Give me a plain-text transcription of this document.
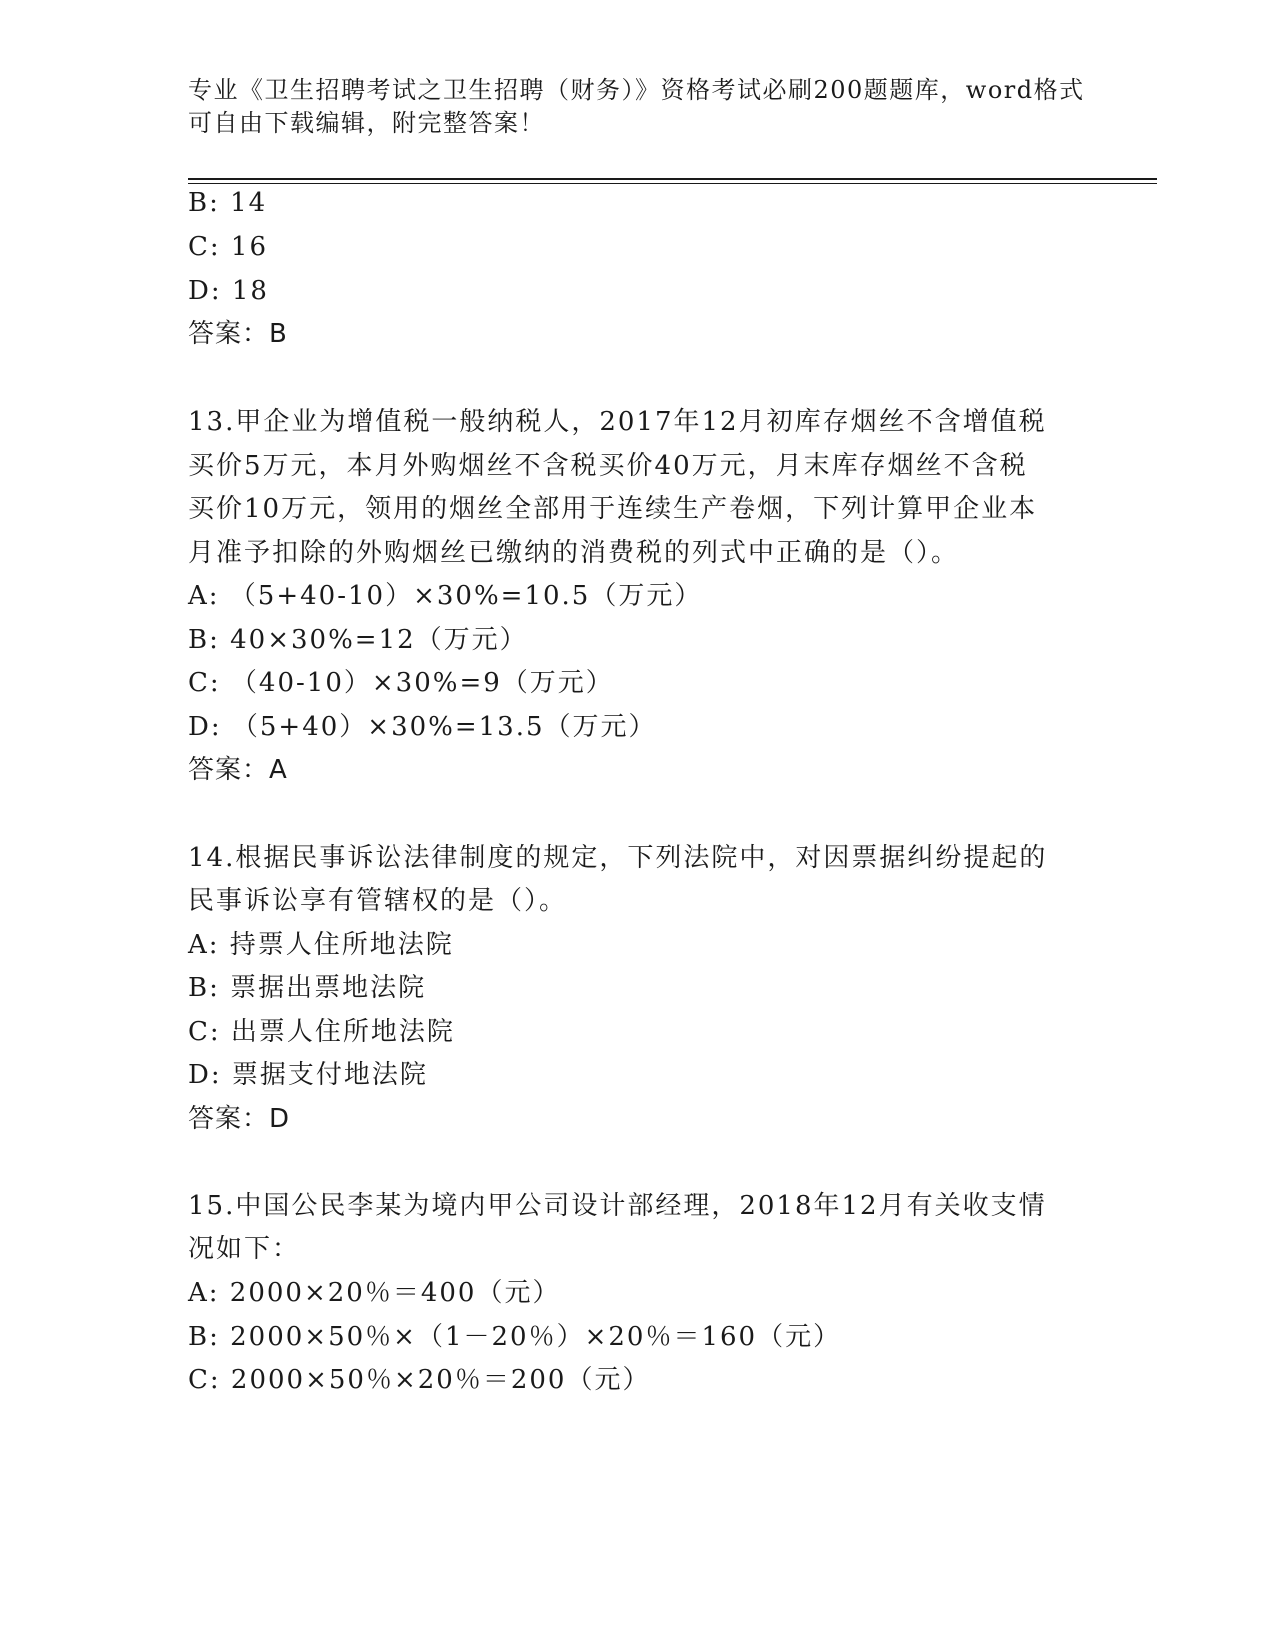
专业《卫生招聘考试之卫生招聘（财务）》资格考试必刷200题题库，word格式
可自由下载编辑，附完整答案！
B: 14
C: 16
D: 18
答案：B
13.甲企业为增值税一般纳税人，2017年12月初库存烟丝不含增值税
买价5万元，本月外购烟丝不含税买价40万元，月末库存烟丝不含税
买价10万元，领用的烟丝全部用于连续生产卷烟，下列计算甲企业本
月准予扣除的外购烟丝已缴纳的消费税的列式中正确的是（）。
A: （5+40-10）×30%=10.5（万元）
B: 40×30%=12（万元）
C: （40-10）×30%=9（万元）
D: （5+40）×30%=13.5（万元）
答案：A
14.根据民事诉讼法律制度的规定，下列法院中，对因票据纠纷提起的
民事诉讼享有管辖权的是（）。
A: 持票人住所地法院
B: 票据出票地法院
C: 出票人住所地法院
D: 票据支付地法院
答案：D
15.中国公民李某为境内甲公司设计部经理，2018年12月有关收支情
况如下：
A: 2000×20％＝400（元）
B: 2000×50％×（1－20％）×20％＝160（元）
C: 2000×50％×20％＝200（元）
